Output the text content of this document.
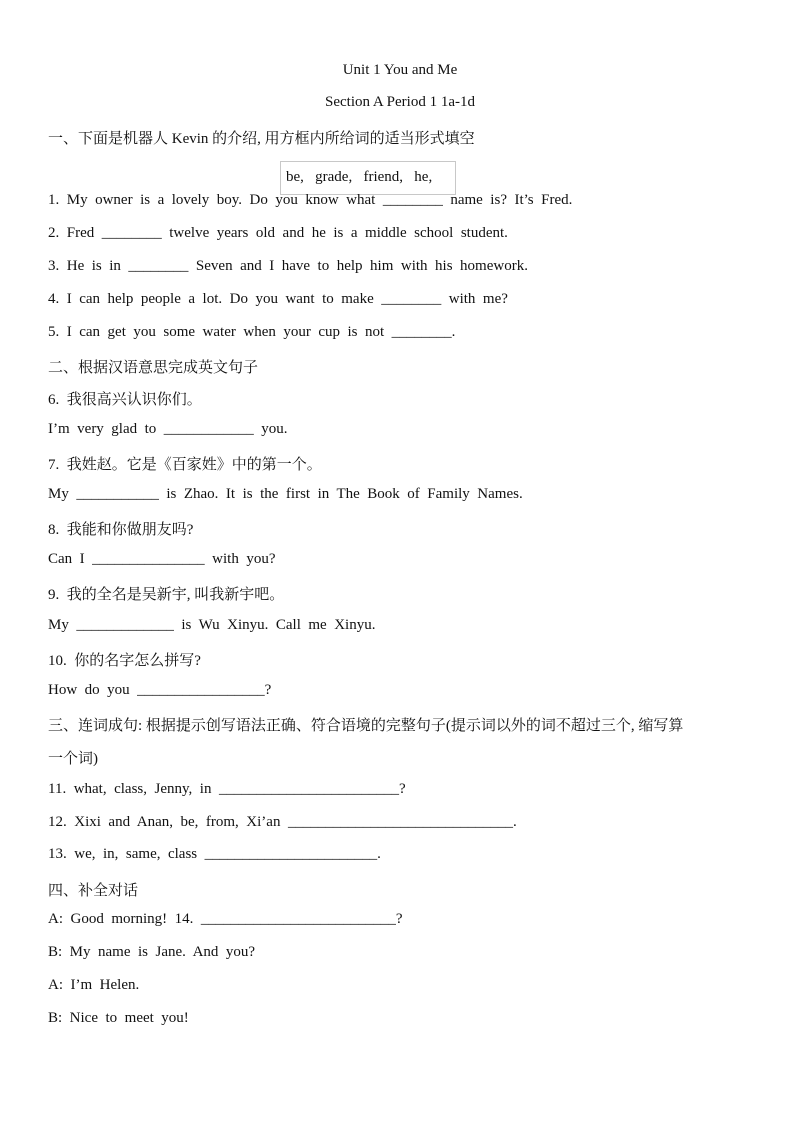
Unit 1 You and Me
Section A Period 1 1a-1d
一、下面是机器人 Kevin 的介绍, 用方框内所给词的适当形式填空
be,   grade,   friend,   he,
1.  My  owner  is  a  lovely  boy.  Do  you  know  what  ________  name  is?  It’s  Fred.
2.  Fred  ________  twelve  years  old  and  he  is  a  middle  school  student.
3.  He  is  in  ________  Seven  and  I  have  to  help  him  with  his  homework.
4.  I  can  help  people  a  lot.  Do  you  want  to  make  ________  with  me?
5.  I  can  get  you  some  water  when  your  cup  is  not  ________.
二、根据汉语意思完成英文句子
6.  我很高兴认识你们。
I’m  very  glad  to  ____________  you.
7.  我姓赵。它是《百家姓》中的第一个。
My  ___________  is  Zhao.  It  is  the  first  in  The  Book  of  Family  Names.
8.  我能和你做朋友吗?
Can  I  _______________  with  you?
9.  我的全名是吴新宇, 叫我新宇吧。
My  _____________  is  Wu  Xinyu.  Call  me  Xinyu.
10.  你的名字怎么拼写?
How  do  you  _________________?
三、连词成句: 根据提示创写语法正确、符合语境的完整句子(提示词以外的词不超过三个, 缩写算
一个词)
11.  what,  class,  Jenny,  in  ________________________?
12.  Xixi  and  Anan,  be,  from,  Xi’an  ______________________________.
13.  we,  in,  same,  class  _______________________.
四、补全对话
A:  Good  morning!  14.  __________________________?
B:  My  name  is  Jane.  And  you?
A:  I’m  Helen.
B:  Nice  to  meet  you!
